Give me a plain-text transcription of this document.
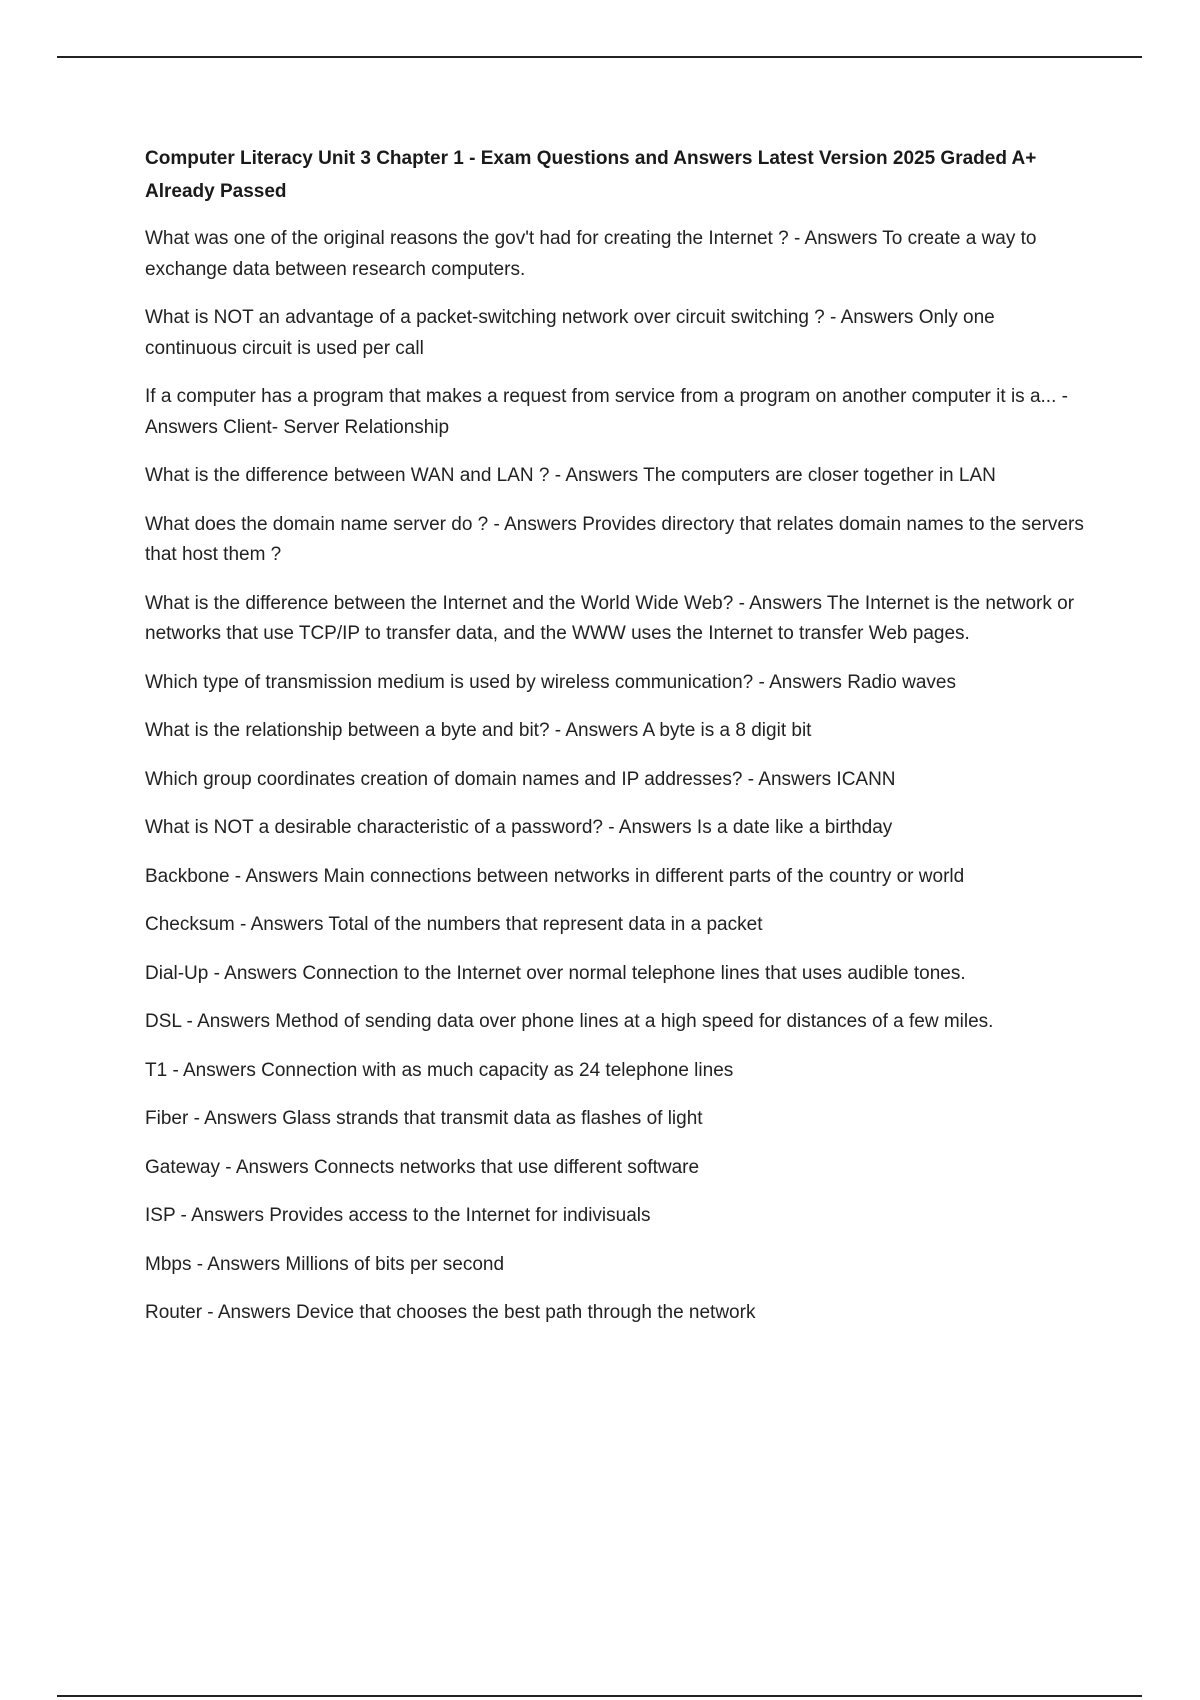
Computer Literacy Unit 3 Chapter 1 - Exam Questions and Answers Latest Version 2025 Graded A+ Already Passed

What was one of the original reasons the gov't had for creating the Internet ? - Answers To create a way to exchange data between research computers.

What is NOT an advantage of a packet-switching network over circuit switching ? - Answers Only one continuous circuit is used per call

If a computer has a program that makes a request from service from a program on another computer it is a... - Answers Client- Server Relationship

What is the difference between WAN and LAN ? - Answers The computers are closer together in LAN

What does the domain name server do ? - Answers Provides directory that relates domain names to the servers that host them ?

What is the difference between the Internet and the World Wide Web? - Answers The Internet is the network or networks that use TCP/IP to transfer data, and the WWW uses the Internet to transfer Web pages.

Which type of transmission medium is used by wireless communication? - Answers Radio waves

What is the relationship between a byte and bit? - Answers A byte is a 8 digit bit

Which group coordinates creation of domain names and IP addresses? - Answers ICANN

What is NOT a desirable characteristic of a password? - Answers Is a date like a birthday

Backbone - Answers Main connections between networks in different parts of the country or world

Checksum - Answers Total of the numbers that represent data in a packet

Dial-Up - Answers Connection to the Internet over normal telephone lines that uses audible tones.

DSL - Answers Method of sending data over phone lines at a high speed for distances of a few miles.

T1 - Answers Connection with as much capacity as 24 telephone lines

Fiber - Answers Glass strands that transmit data as flashes of light

Gateway - Answers Connects networks that use different software

ISP - Answers Provides access to the Internet for indivisuals

Mbps - Answers Millions of bits per second

Router - Answers Device that chooses the best path through the network
